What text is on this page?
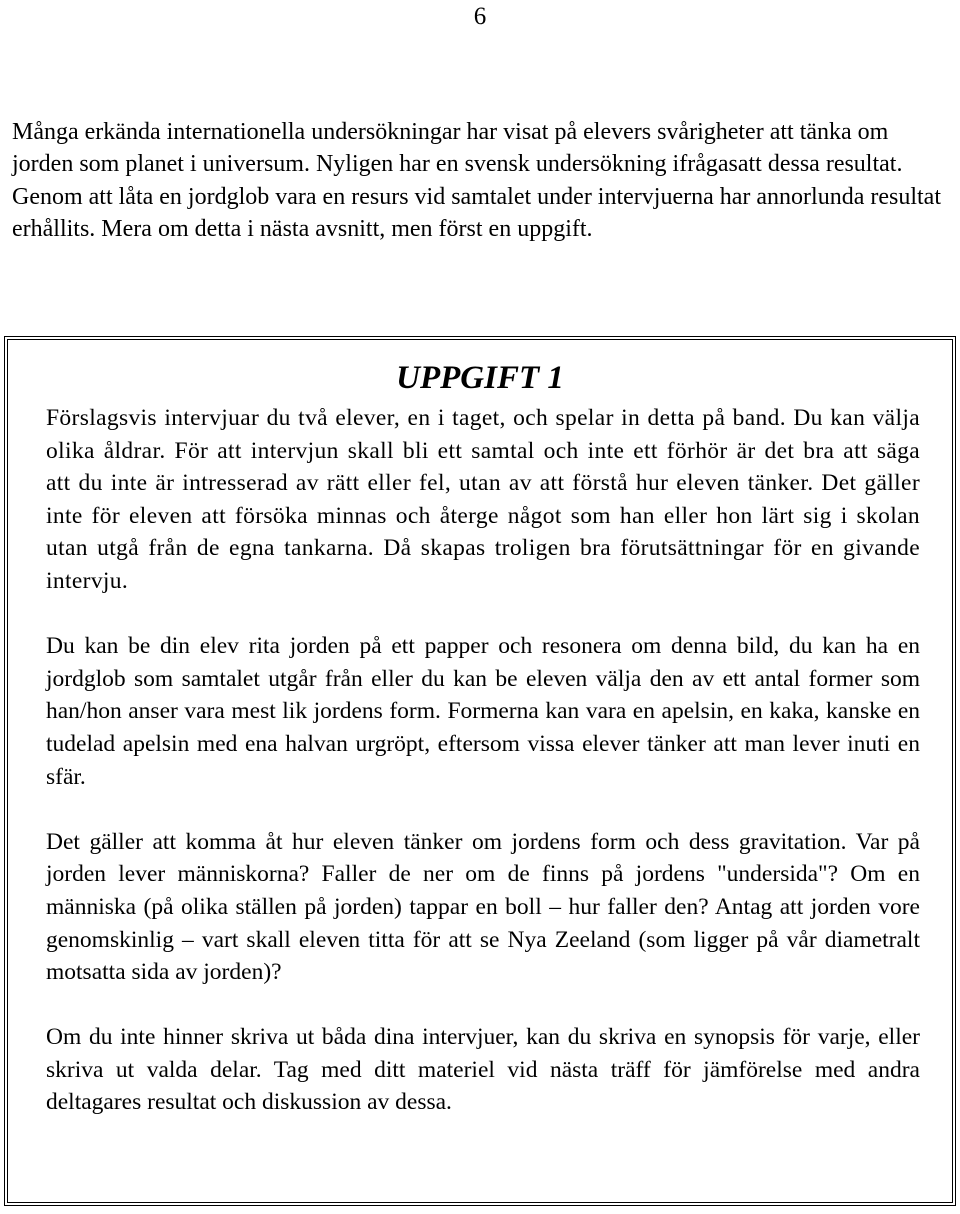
6

Många erkända internationella undersökningar har visat på elevers svårigheter att tänka om jorden som planet i universum. Nyligen har en svensk undersökning ifrågasatt dessa resultat. Genom att låta en jordglob vara en resurs vid samtalet under intervjuerna har annorlunda resultat erhållits. Mera om detta i nästa avsnitt, men först en uppgift.

UPPGIFT 1

Förslagsvis intervjuar du två elever, en i taget, och spelar in detta på band. Du kan välja olika åldrar. För att intervjun skall bli ett samtal och inte ett förhör är det bra att säga att du inte är intresserad av rätt eller fel, utan av att förstå hur eleven tänker. Det gäller inte för eleven att försöka minnas och återge något som han eller hon lärt sig i skolan utan utgå från de egna tankarna. Då skapas troligen bra förutsättningar för en givande intervju.

Du kan be din elev rita jorden på ett papper och resonera om denna bild, du kan ha en jordglob som samtalet utgår från eller du kan be eleven välja den av ett antal former som han/hon anser vara mest lik jordens form. Formerna kan vara en apelsin, en kaka, kanske en tudelad apelsin med ena halvan urgröpt, eftersom vissa elever tänker att man lever inuti en sfär.

Det gäller att komma åt hur eleven tänker om jordens form och dess gravitation. Var på jorden lever människorna? Faller de ner om de finns på jordens "undersida"? Om en människa (på olika ställen på jorden) tappar en boll – hur faller den? Antag att jorden vore genomskinlig – vart skall eleven titta för att se Nya Zeeland (som ligger på vår diametralt motsatta sida av jorden)?

Om du inte hinner skriva ut båda dina intervjuer, kan du skriva en synopsis för varje, eller skriva ut valda delar. Tag med ditt materiel vid nästa träff för jämförelse med andra deltagares resultat och diskussion av dessa.
